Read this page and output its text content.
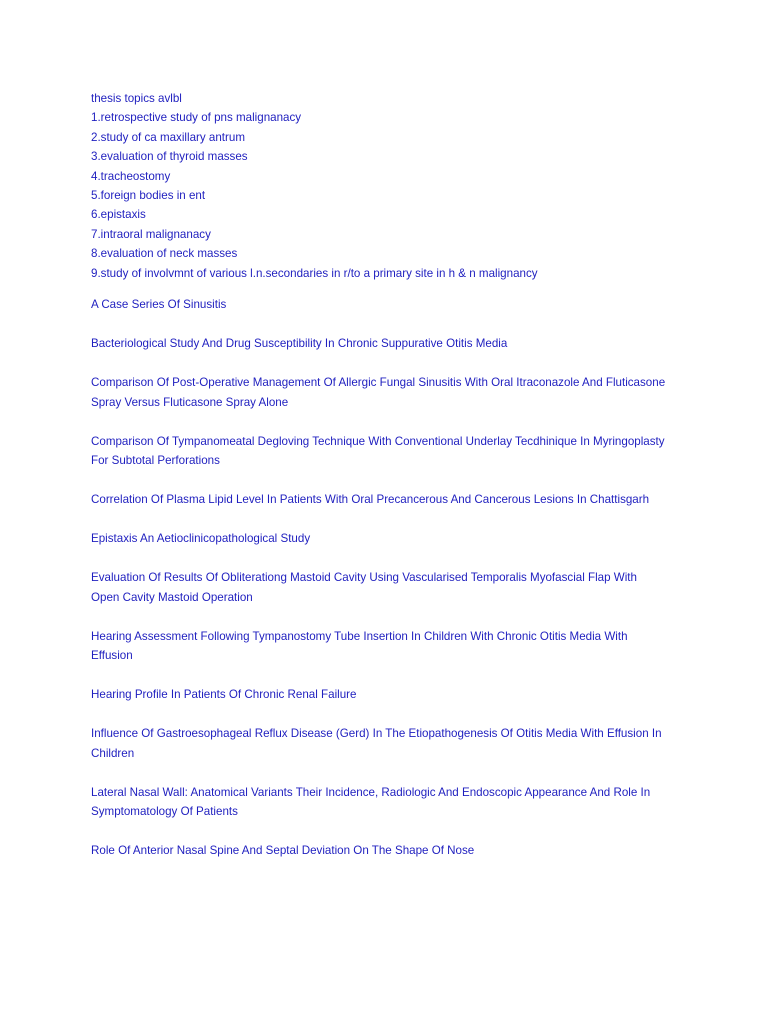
thesis topics avlbl
1.retrospective study of pns malignanacy
2.study of ca maxillary antrum
3.evaluation of thyroid masses
4.tracheostomy
5.foreign bodies in ent
6.epistaxis
7.intraoral malignanacy
8.evaluation of neck masses
9.study of involvmnt of various l.n.secondaries in r/to a primary site in h & n malignancy
A Case Series Of Sinusitis
Bacteriological Study And Drug Susceptibility In Chronic Suppurative Otitis Media
Comparison Of Post-Operative Management Of Allergic Fungal Sinusitis With Oral Itraconazole And Fluticasone Spray Versus Fluticasone Spray Alone
Comparison Of Tympanomeatal Degloving Technique With Conventional Underlay Tecdhinique In Myringoplasty For Subtotal Perforations
Correlation Of Plasma Lipid Level In Patients With Oral Precancerous And Cancerous Lesions In Chattisgarh
Epistaxis An Aetioclinicopathological Study
Evaluation Of Results Of Obliterationg Mastoid Cavity Using Vascularised Temporalis Myofascial Flap With Open Cavity Mastoid Operation
Hearing Assessment Following Tympanostomy Tube Insertion In Children With Chronic Otitis Media With Effusion
Hearing Profile In Patients Of Chronic Renal Failure
Influence Of Gastroesophageal Reflux Disease (Gerd) In The Etiopathogenesis Of Otitis Media With Effusion In Children
Lateral Nasal Wall: Anatomical Variants Their Incidence, Radiologic And Endoscopic Appearance And Role In Symptomatology Of Patients
Role Of Anterior Nasal Spine And Septal Deviation On The Shape Of Nose
